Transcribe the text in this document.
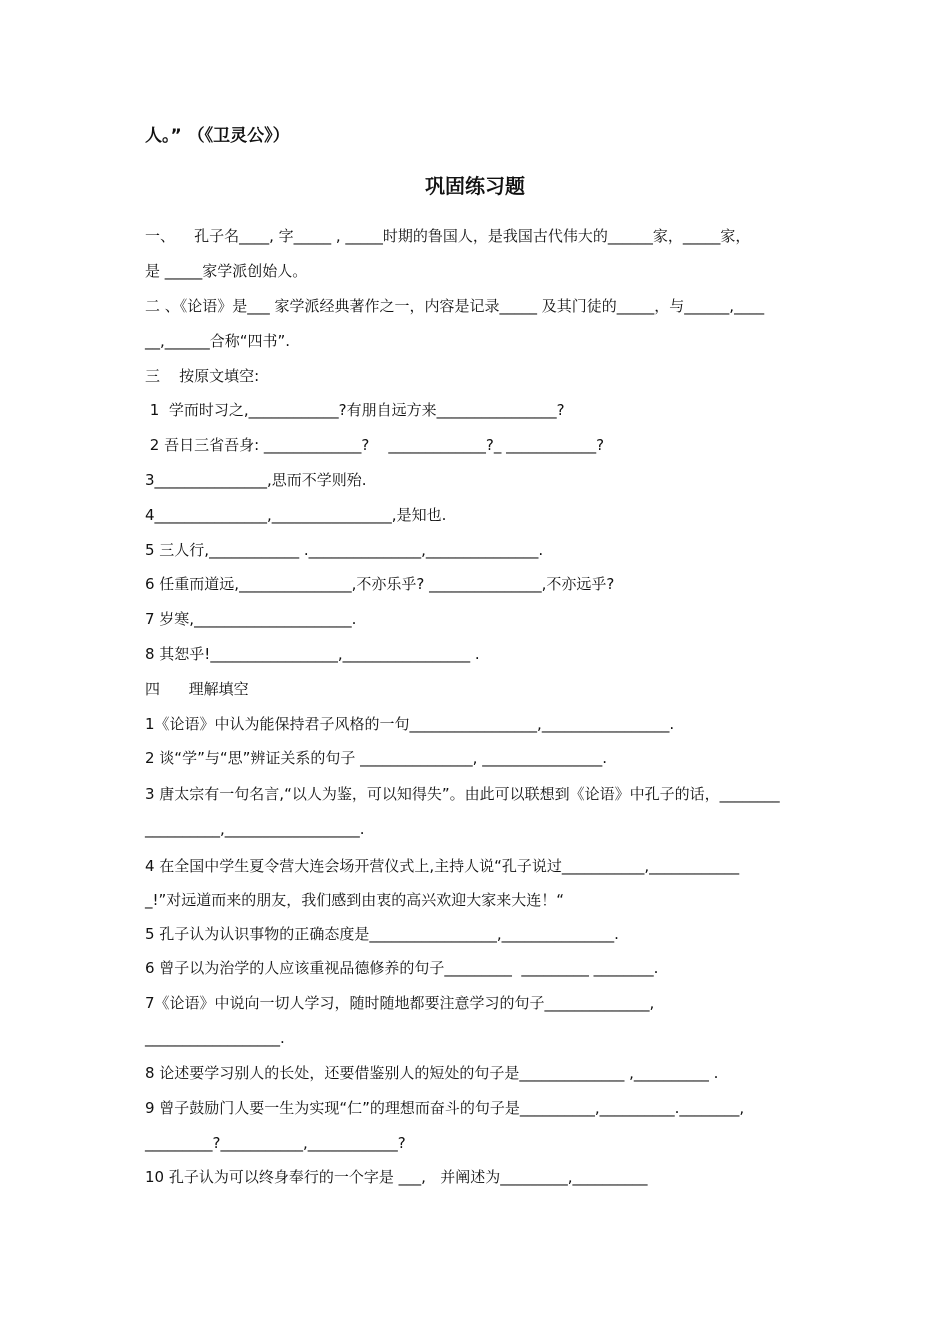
人。” （《卫灵公》）
巩固练习题
一、    孔子名____, 字_____ , _____时期的鲁国人，是我国古代伟大的______家，_____家，
是 _____家学派创始人。
二 、《论语》是___ 家学派经典著作之一，内容是记录_____ 及其门徒的_____，与______,____
__,______合称“四书”.
三    按原文填空:
1  学而时习之,____________?有朋自远方来________________?
2 吾日三省吾身: _____________?    _____________?_ ____________?
3_______________,思而不学则殆.
4_______________,________________,是知也.
5 三人行,____________ ._______________,_______________.
6 任重而道远,_______________,不亦乐乎? _______________,不亦远乎?
7 岁寒,_____________________.
8 其恕乎!_________________,_________________ .
四      理解填空
1《论语》中认为能保持君子风格的一句_________________,_________________.
2 谈“学”与“思”辨证关系的句子 _______________, ________________.
3 唐太宗有一句名言,“以人为鉴，可以知得失”。由此可以联想到《论语》中孔子的话，________
__________,__________________.
4 在全国中学生夏令营大连会场开营仪式上,主持人说“孔子说过___________,____________
_!”对远道而来的朋友，我们感到由衷的高兴欢迎大家来大连！“
5 孔子认为认识事物的正确态度是_________________,_______________.
6 曾子以为治学的人应该重视品德修养的句子_________  _________ ________.
7《论语》中说向一切人学习，随时随地都要注意学习的句子______________,
__________________.
8 论述要学习别人的长处，还要借鉴别人的短处的句子是______________ ,__________ .
9 曾子鼓励门人要一生为实现“仁”的理想而奋斗的句子是__________,__________.________,
_________?___________,____________?
10 孔子认为可以终身奉行的一个字是 ___,   并阐述为_________,__________
